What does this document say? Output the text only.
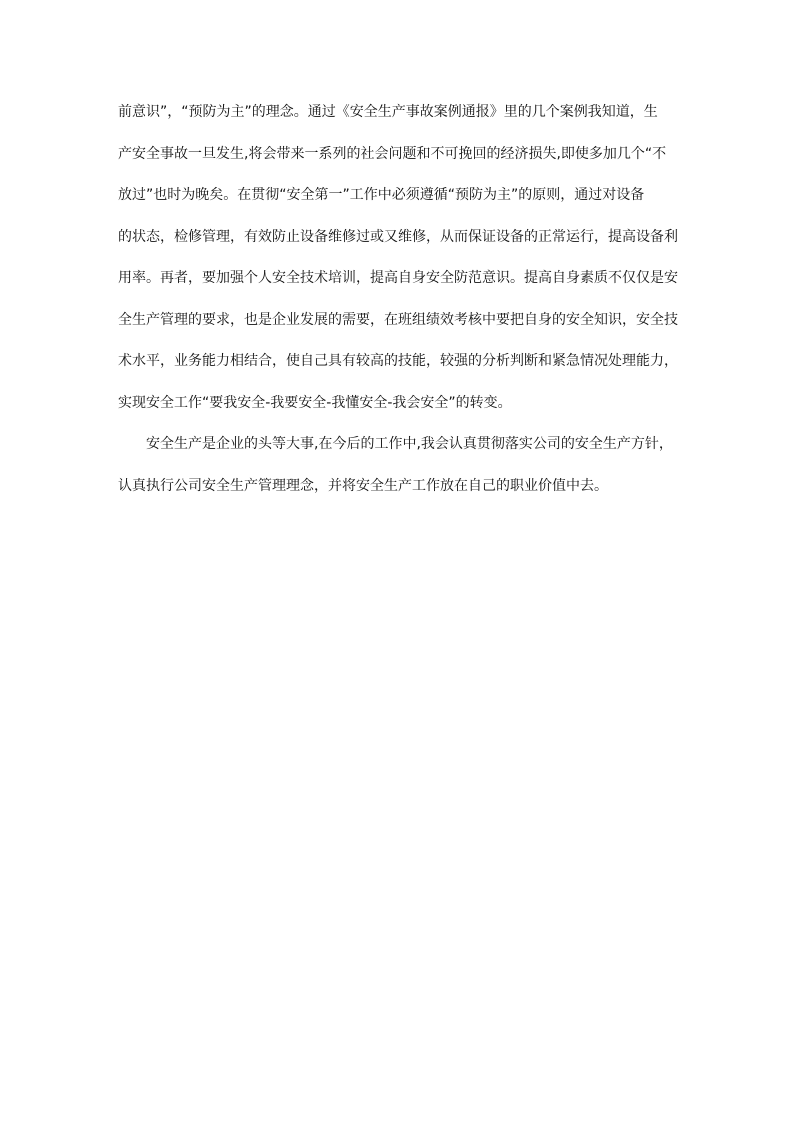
前意识”，“预防为主”的理念。通过《安全生产事故案例通报》里的几个案例我知道，生
产安全事故一旦发生,将会带来一系列的社会问题和不可挽回的经济损失,即使多加几个“不
放过”也时为晚矣。在贯彻“安全第一”工作中必须遵循“预防为主”的原则，通过对设备
的状态，检修管理，有效防止设备维修过或又维修，从而保证设备的正常运行，提高设备利
用率。再者，要加强个人安全技术培训，提高自身安全防范意识。提高自身素质不仅仅是安
全生产管理的要求，也是企业发展的需要，在班组绩效考核中要把自身的安全知识，安全技
术水平，业务能力相结合，使自己具有较高的技能，较强的分析判断和紧急情况处理能力，
实现安全工作“要我安全-我要安全-我懂安全-我会安全”的转变。
安全生产是企业的头等大事,在今后的工作中,我会认真贯彻落实公司的安全生产方针，
认真执行公司安全生产管理理念，并将安全生产工作放在自己的职业价值中去。
